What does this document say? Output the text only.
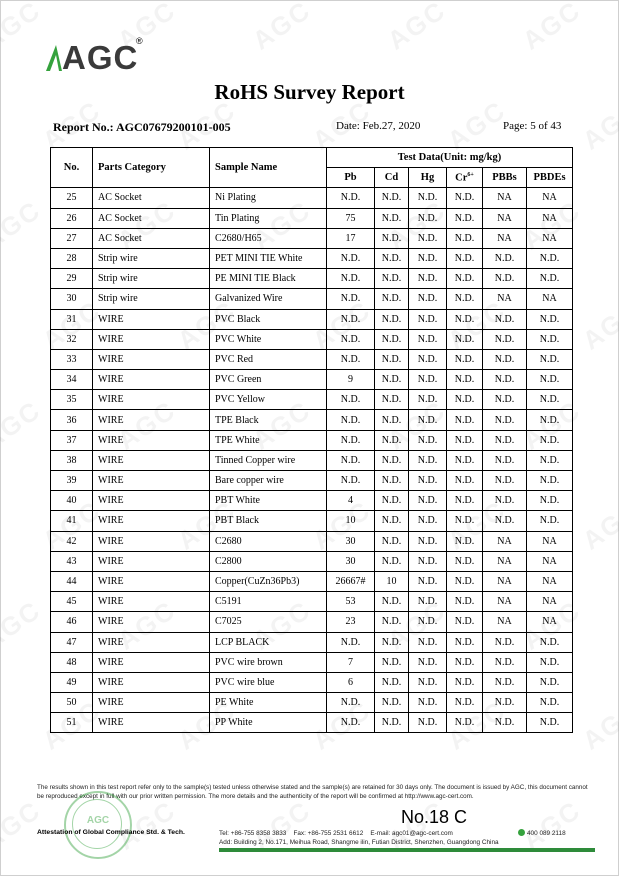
AGC
®
RoHS Survey Report
Report No.: AGC07679200101-005	Date: Feb.27, 2020	Page: 5 of 43
No.	Parts Category	Sample Name	Test Data(Unit: mg/kg)					
			Pb	Cd	Hg	$Cr^{6+}$	PBBs	PBDEs
25	AC Socket	Ni Plating	N.D.	N.D.	N.D.	N.D.	NA	NA
26	AC Socket	Tin Plating	75	N.D.	N.D.	N.D.	NA	NA
27	AC Socket	C2680/H65	17	N.D.	N.D.	N.D.	NA	NA
28	Strip wire	PET MINI TIE White	N.D.	N.D.	N.D.	N.D.	N.D.	N.D.
29	Strip wire	PE MINI TIE Black	N.D.	N.D.	N.D.	N.D.	N.D.	N.D.
30	Strip wire	Galvanized Wire	N.D.	N.D.	N.D.	N.D.	NA	NA
31	WIRE	PVC Black	N.D.	N.D.	N.D.	N.D.	N.D.	N.D.
32	WIRE	PVC White	N.D.	N.D.	N.D.	N.D.	N.D.	N.D.
33	WIRE	PVC Red	N.D.	N.D.	N.D.	N.D.	N.D.	N.D.
34	WIRE	PVC Green	9	N.D.	N.D.	N.D.	N.D.	N.D.
35	WIRE	PVC Yellow	N.D.	N.D.	N.D.	N.D.	N.D.	N.D.
36	WIRE	TPE Black	N.D.	N.D.	N.D.	N.D.	N.D.	N.D.
37	WIRE	TPE White	N.D.	N.D.	N.D.	N.D.	N.D.	N.D.
38	WIRE	Tinned Copper wire	N.D.	N.D.	N.D.	N.D.	N.D.	N.D.
39	WIRE	Bare copper wire	N.D.	N.D.	N.D.	N.D.	N.D.	N.D.
40	WIRE	PBT White	4	N.D.	N.D.	N.D.	N.D.	N.D.
41	WIRE	PBT Black	10	N.D.	N.D.	N.D.	N.D.	N.D.
42	WIRE	C2680	30	N.D.	N.D.	N.D.	NA	NA
43	WIRE	C2800	30	N.D.	N.D.	N.D.	NA	NA
44	WIRE	Copper(CuZn36Pb3)	26667#	10	N.D.	N.D.	NA	NA
45	WIRE	C5191	53	N.D.	N.D.	N.D.	NA	NA
46	WIRE	C7025	23	N.D.	N.D.	N.D.	NA	NA
47	WIRE	LCP BLACK	N.D.	N.D.	N.D.	N.D.	N.D.	N.D.
48	WIRE	PVC wire brown	7	N.D.	N.D.	N.D.	N.D.	N.D.
49	WIRE	PVC wire blue	6	N.D.	N.D.	N.D.	N.D.	N.D.
50	WIRE	PE White	N.D.	N.D.	N.D.	N.D.	N.D.	N.D.
51	WIRE	PP White	N.D.	N.D.	N.D.	N.D.	N.D.	N.D.
The results shown in this test report refer only to the sample(s) tested unless otherwise stated and the sample(s) are retained for 30 days only. The document is issued by AGC, this document cannot be reproduced except in full with our prior written permission. The more details and the authenticity of the report will be confirmed at http://www.agc-cert.com.
AGC
Attestation of Global Compliance Std. & Tech.
No.18 C
Tel: +86-755 8358 3833 Fax: +86-755 2531 6612 E-mail: agc01@agc-cert.com
Add: Building 2, No.171, Meihua Road, Shangme ilin, Futian District, Shenzhen, Guangdong China
400 089 2118
